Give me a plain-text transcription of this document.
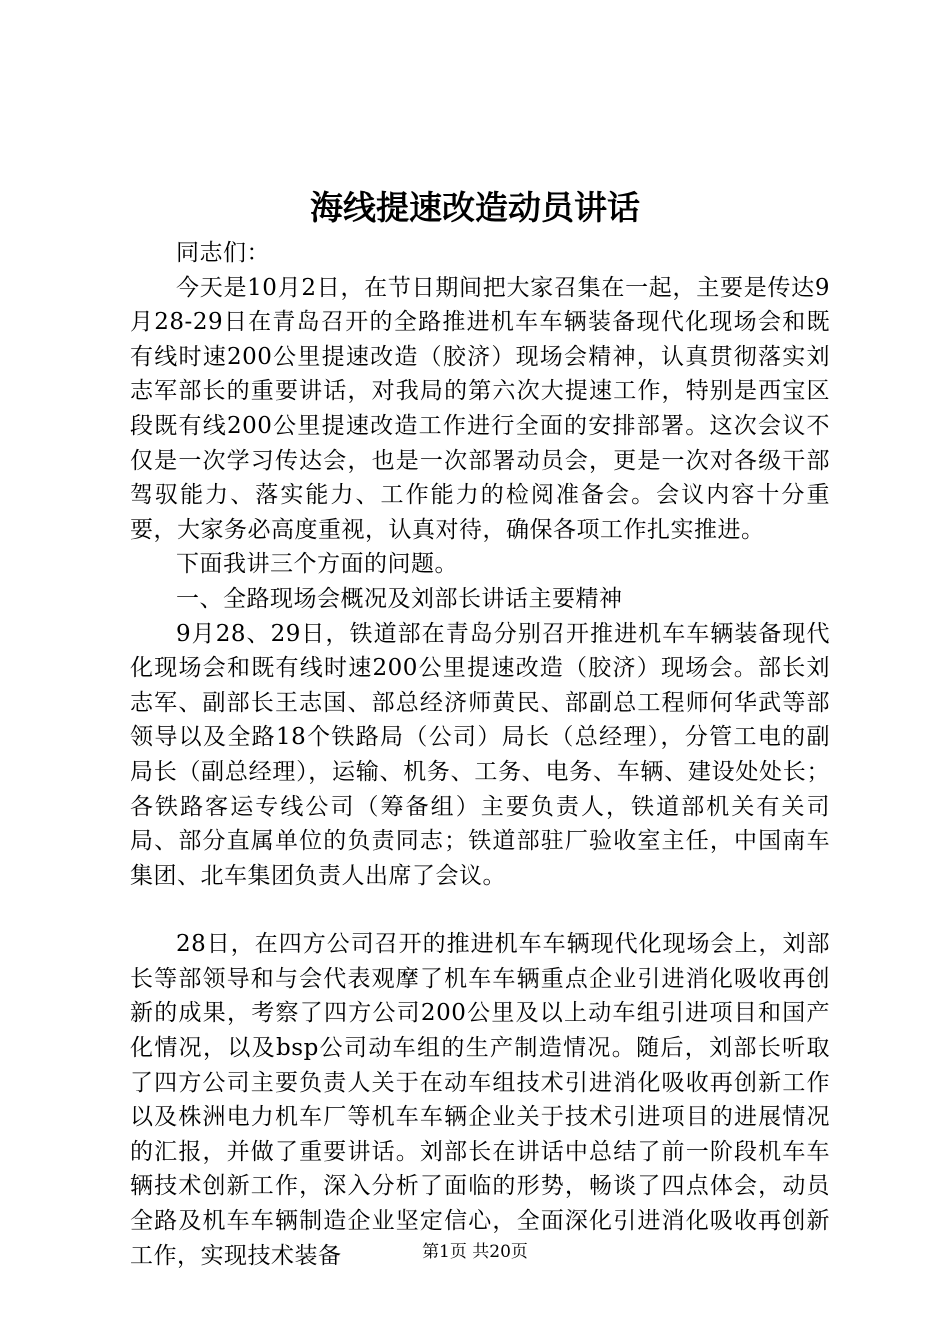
海线提速改造动员讲话

同志们：

今天是10月2日，在节日期间把大家召集在一起，主要是传达9月28-29日在青岛召开的全路推进机车车辆装备现代化现场会和既有线时速200公里提速改造（胶济）现场会精神，认真贯彻落实刘志军部长的重要讲话，对我局的第六次大提速工作，特别是西宝区段既有线200公里提速改造工作进行全面的安排部署。这次会议不仅是一次学习传达会，也是一次部署动员会，更是一次对各级干部驾驭能力、落实能力、工作能力的检阅准备会。会议内容十分重要，大家务必高度重视，认真对待，确保各项工作扎实推进。

下面我讲三个方面的问题。

一、全路现场会概况及刘部长讲话主要精神

9月28、29日，铁道部在青岛分别召开推进机车车辆装备现代化现场会和既有线时速200公里提速改造（胶济）现场会。部长刘志军、副部长王志国、部总经济师黄民、部副总工程师何华武等部领导以及全路18个铁路局（公司）局长（总经理），分管工电的副局长（副总经理），运输、机务、工务、电务、车辆、建设处处长；各铁路客运专线公司（筹备组）主要负责人，铁道部机关有关司局、部分直属单位的负责同志；铁道部驻厂验收室主任，中国南车集团、北车集团负责人出席了会议。

28日，在四方公司召开的推进机车车辆现代化现场会上，刘部长等部领导和与会代表观摩了机车车辆重点企业引进消化吸收再创新的成果，考察了四方公司200公里及以上动车组引进项目和国产化情况，以及bsp公司动车组的生产制造情况。随后，刘部长听取了四方公司主要负责人关于在动车组技术引进消化吸收再创新工作以及株洲电力机车厂等机车车辆企业关于技术引进项目的进展情况的汇报，并做了重要讲话。刘部长在讲话中总结了前一阶段机车车辆技术创新工作，深入分析了面临的形势，畅谈了四点体会，动员全路及机车车辆制造企业坚定信心，全面深化引进消化吸收再创新工作，实现技术装备	第1页 共20页
